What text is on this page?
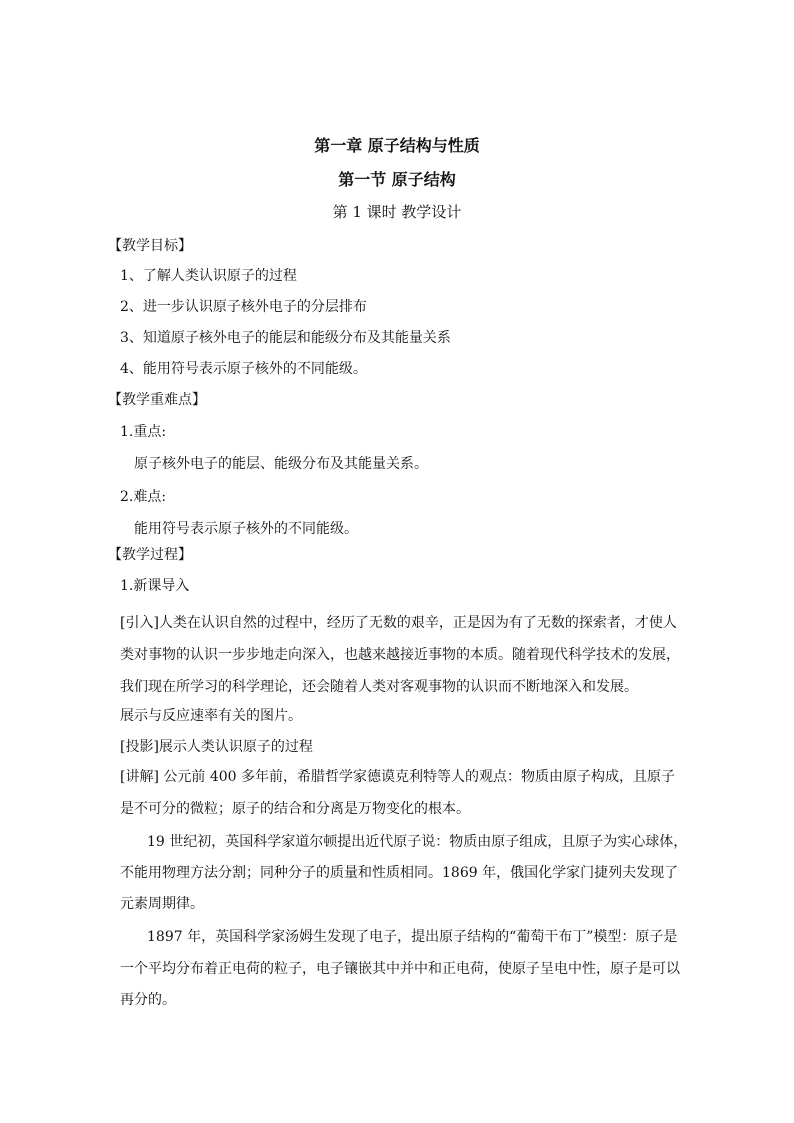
第一章 原子结构与性质
第一节 原子结构
第 1 课时 教学设计
【教学目标】
1、了解人类认识原子的过程
2、进一步认识原子核外电子的分层排布
3、知道原子核外电子的能层和能级分布及其能量关系
4、能用符号表示原子核外的不同能级。
【教学重难点】
1.重点:
原子核外电子的能层、能级分布及其能量关系。
2.难点:
能用符号表示原子核外的不同能级。
【教学过程】
1.新课导入
[引入]人类在认识自然的过程中，经历了无数的艰辛，正是因为有了无数的探索者，才使人
类对事物的认识一步步地走向深入，也越来越接近事物的本质。随着现代科学技术的发展，
我们现在所学习的科学理论，还会随着人类对客观事物的认识而不断地深入和发展。
展示与反应速率有关的图片。
[投影]展示人类认识原子的过程
[讲解] 公元前 400 多年前，希腊哲学家德谟克利特等人的观点：物质由原子构成，且原子
是不可分的微粒；原子的结合和分离是万物变化的根本。
19 世纪初，英国科学家道尔顿提出近代原子说：物质由原子组成，且原子为实心球体，
不能用物理方法分割；同种分子的质量和性质相同。1869 年，俄国化学家门捷列夫发现了
元素周期律。
1897 年，英国科学家汤姆生发现了电子，提出原子结构的“葡萄干布丁”模型：原子是
一个平均分布着正电荷的粒子，电子镶嵌其中并中和正电荷，使原子呈电中性，原子是可以
再分的。
